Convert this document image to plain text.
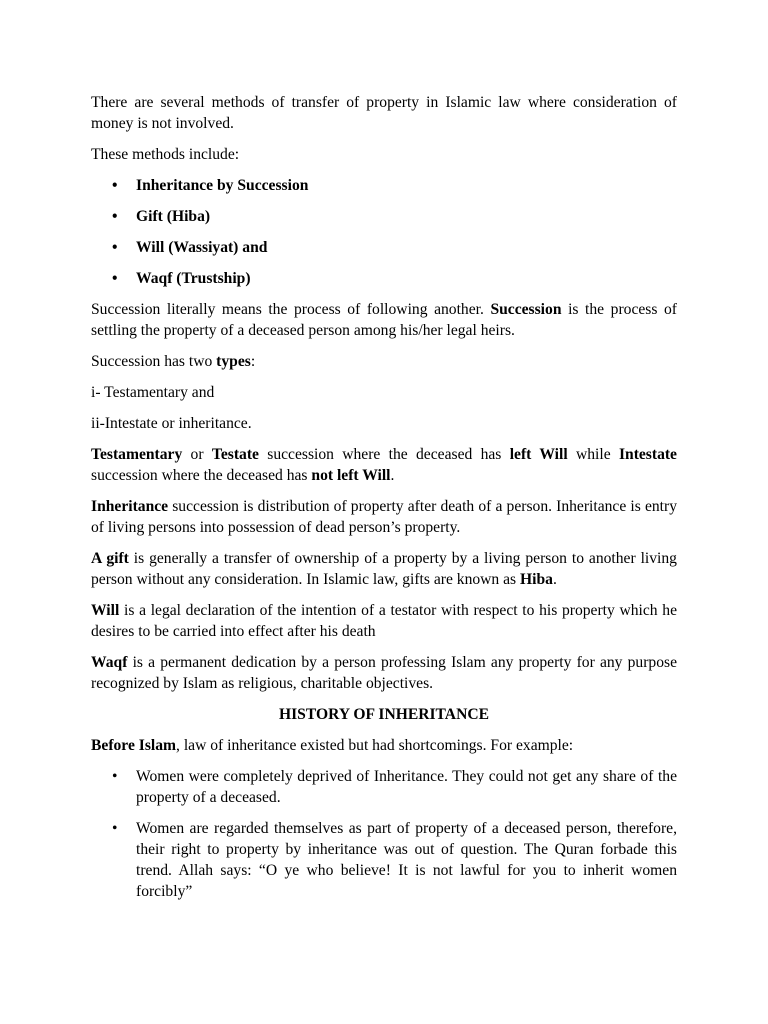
There are several methods of transfer of property in Islamic law where consideration of money is not involved.

These methods include:

• Inheritance by Succession
• Gift (Hiba)
• Will (Wassiyat) and
• Waqf (Trustship)

Succession literally means the process of following another. Succession is the process of settling the property of a deceased person among his/her legal heirs.

Succession has two types:

i- Testamentary and

ii-Intestate or inheritance.

Testamentary or Testate succession where the deceased has left Will while Intestate succession where the deceased has not left Will.

Inheritance succession is distribution of property after death of a person. Inheritance is entry of living persons into possession of dead person’s property.

A gift is generally a transfer of ownership of a property by a living person to another living person without any consideration. In Islamic law, gifts are known as Hiba.

Will is a legal declaration of the intention of a testator with respect to his property which he desires to be carried into effect after his death

Waqf is a permanent dedication by a person professing Islam any property for any purpose recognized by Islam as religious, charitable objectives.

HISTORY OF INHERITANCE

Before Islam, law of inheritance existed but had shortcomings. For example:

• Women were completely deprived of Inheritance. They could not get any share of the property of a deceased.
• Women are regarded themselves as part of property of a deceased person, therefore, their right to property by inheritance was out of question. The Quran forbade this trend. Allah says: “O ye who believe! It is not lawful for you to inherit women forcibly”
